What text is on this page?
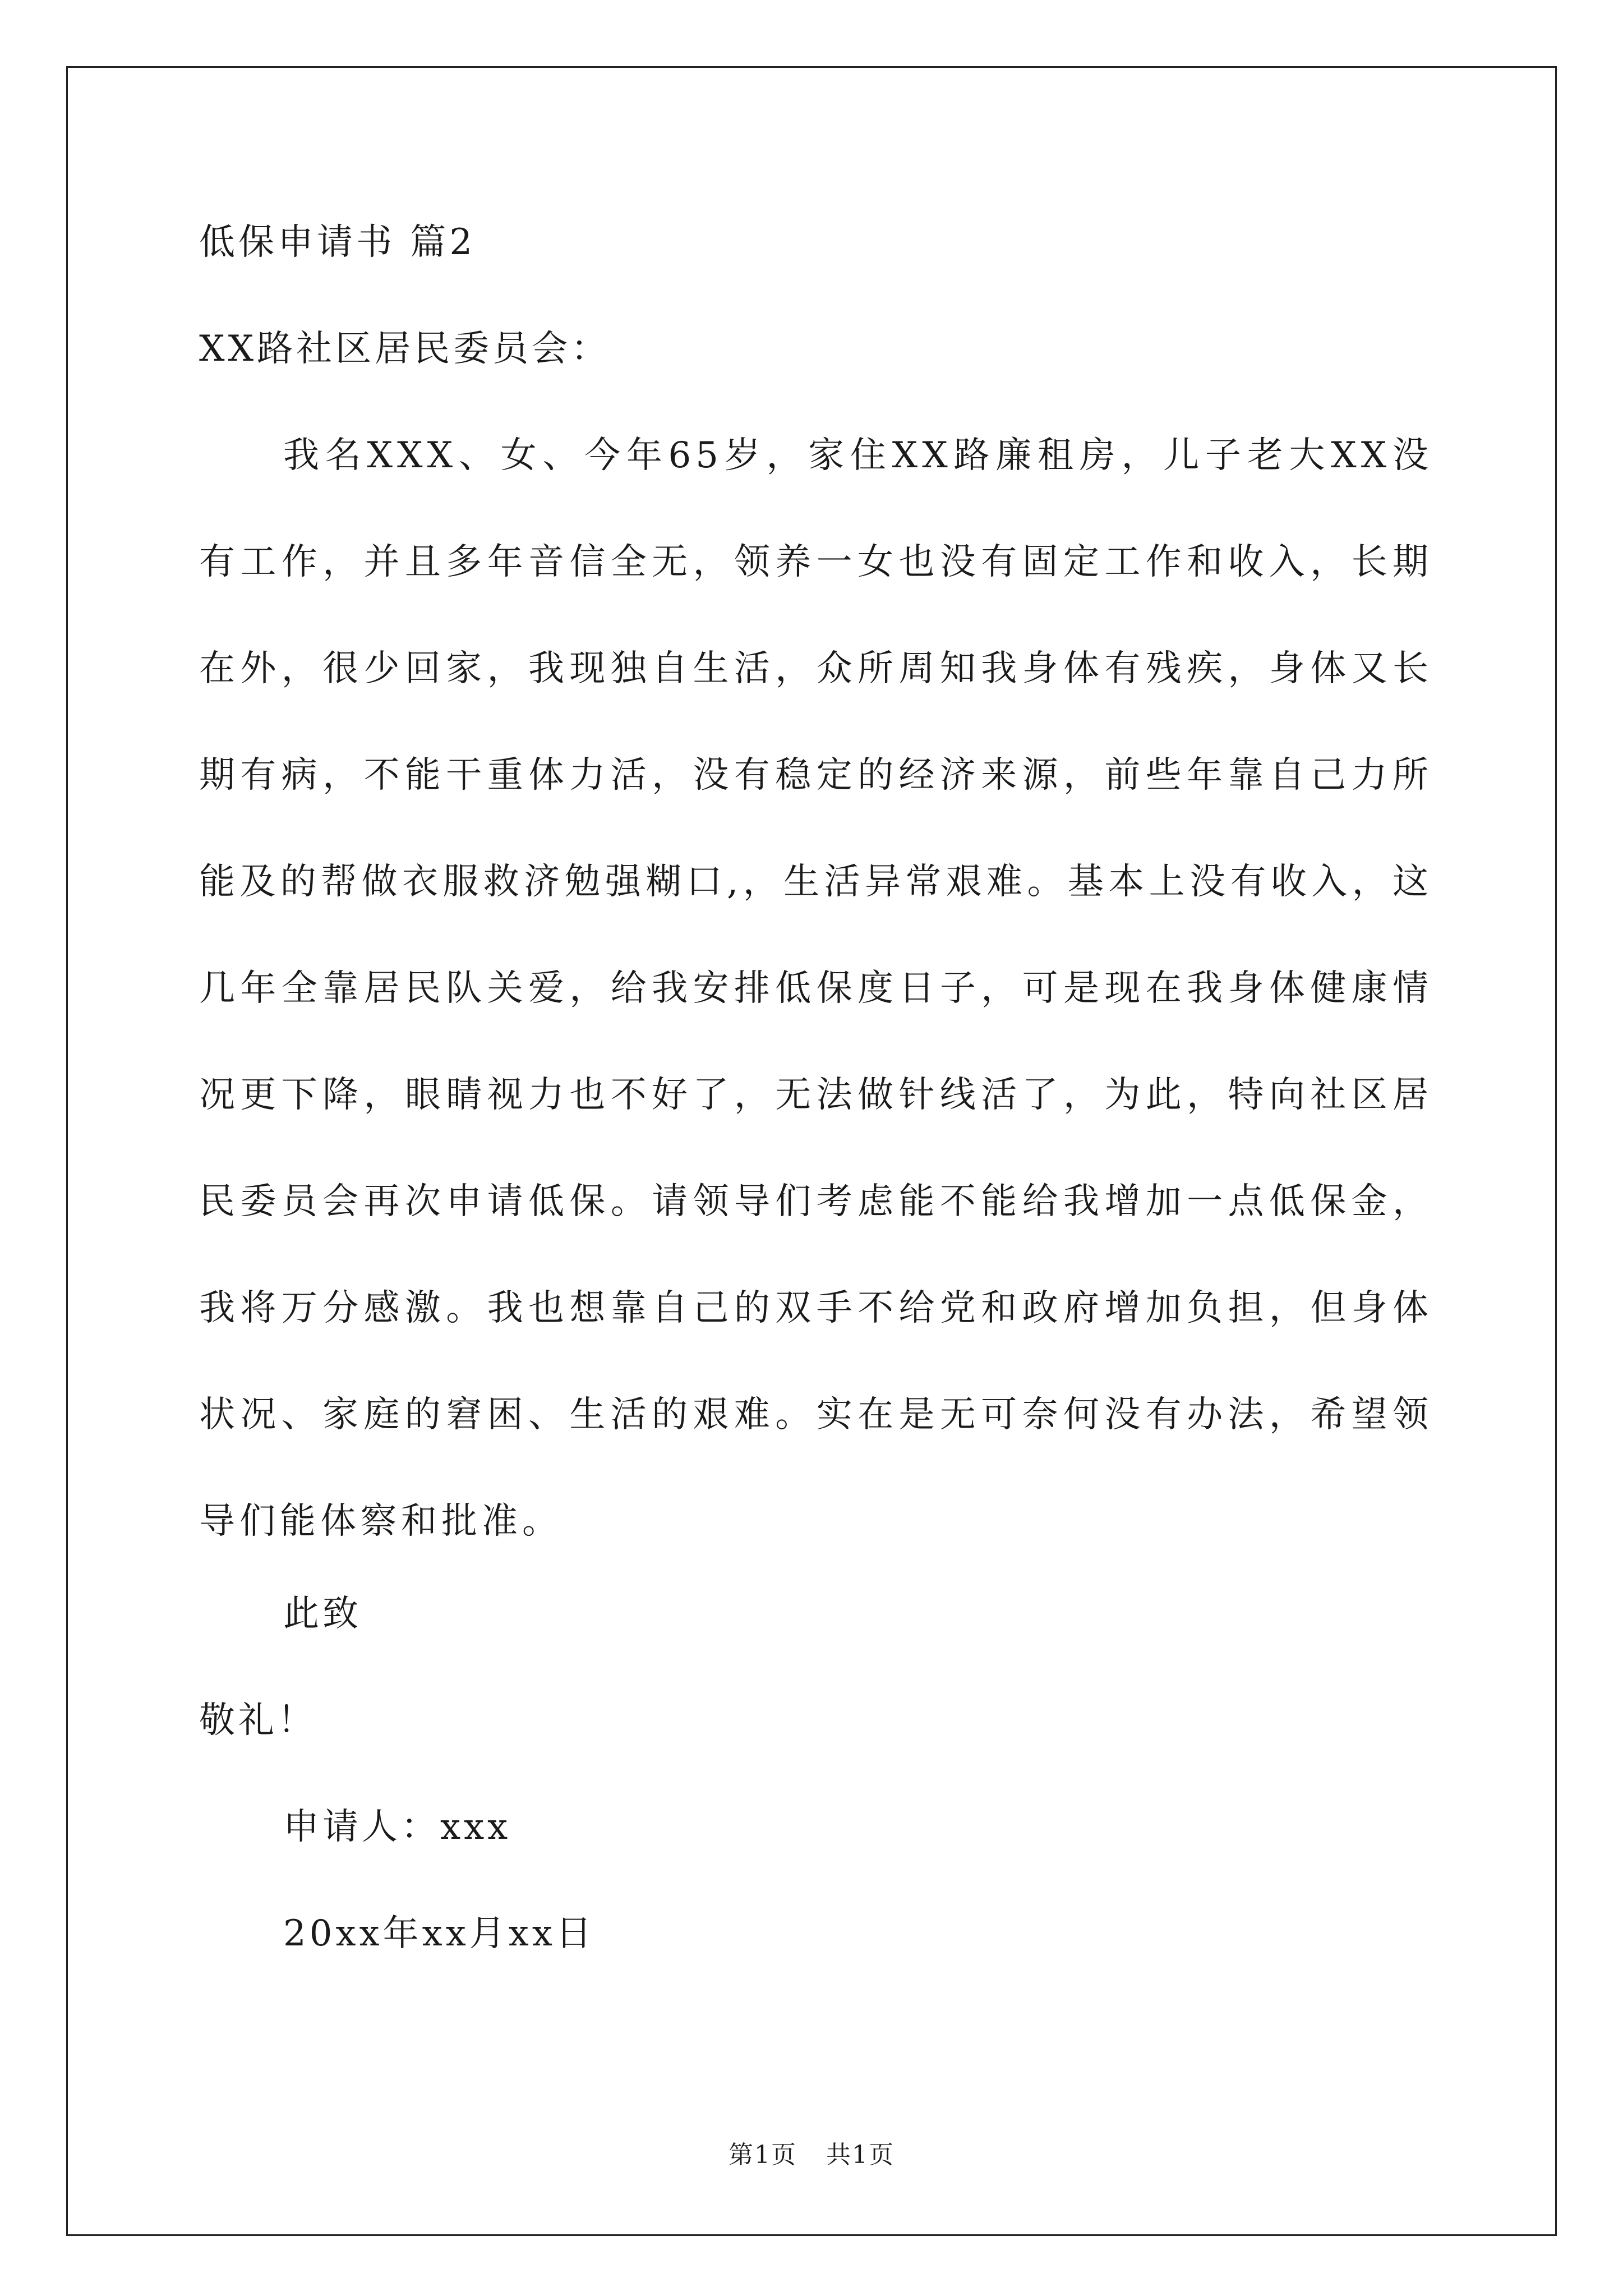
低保申请书 篇2
XX路社区居民委员会：

我名XXX、女、今年65岁，家住XX路廉租房，儿子老大XX没有工作，并且多年音信全无，领养一女也没有固定工作和收入，长期在外，很少回家，我现独自生活，众所周知我身体有残疾，身体又长期有病，不能干重体力活，没有稳定的经济来源，前些年靠自己力所能及的帮做衣服救济勉强糊口,，生活异常艰难。基本上没有收入，这几年全靠居民队关爱，给我安排低保度日子，可是现在我身体健康情况更下降，眼睛视力也不好了，无法做针线活了，为此，特向社区居民委员会再次申请低保。请领导们考虑能不能给我增加一点低保金，我将万分感激。我也想靠自己的双手不给党和政府增加负担，但身体状况、家庭的窘困、生活的艰难。实在是无可奈何没有办法，希望领导们能体察和批准。

此致
敬礼！
申请人：xxx
20xx年xx月xx日
第1页 共1页
